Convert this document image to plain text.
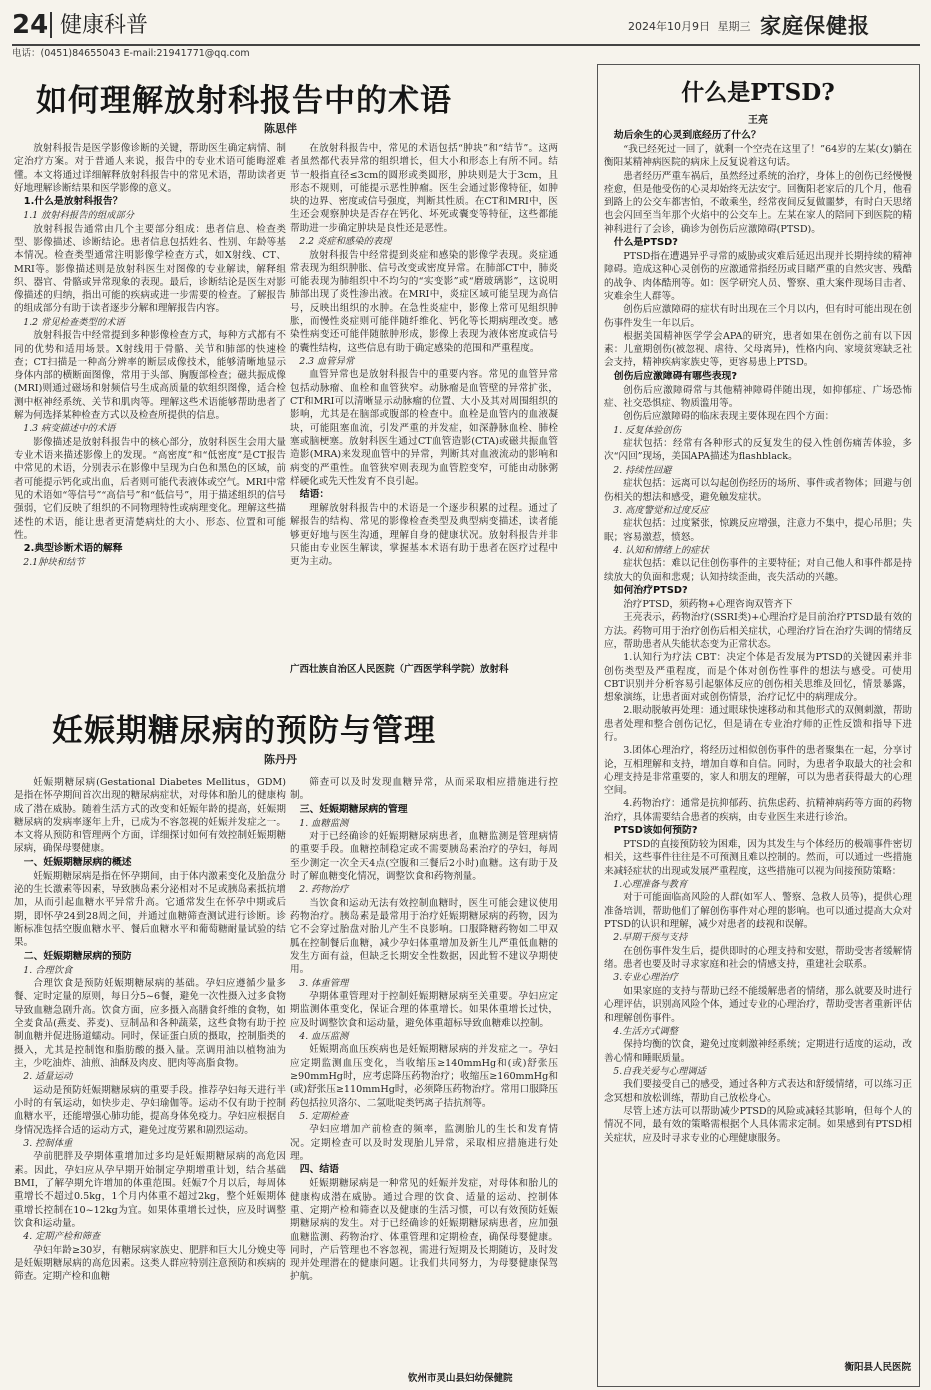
24 健康科普	2024年10月9日 星期三 家庭保健报
电话：(0451)84655043 E-mail:21941771@qq.com
如何理解放射科报告中的术语
陈思伴
放射科报告是医学影像诊断的关键，帮助医生确定病情、制定治疗方案。对于普通人来说，报告中的专业术语可能晦涩难懂。本文将通过详细解释放射科报告中的常见术语，帮助读者更好地理解诊断结果和医学影像的意义。
1.什么是放射科报告？
1.1 放射科报告的组成部分
放射科报告通常由几个主要部分组成：患者信息、检查类型、影像描述、诊断结论。患者信息包括姓名、性别、年龄等基本情况。检查类型通常注明影像学检查方式，如X射线、CT、MRI等。影像描述则是放射科医生对图像的专业解读，解释组织、器官、骨骼或异常现象的表现。最后，诊断结论是医生对影像描述的归纳，指出可能的疾病或进一步需要的检查。了解报告的组成部分有助于读者逐步分解和理解报告内容。
1.2 常见检查类型的术语
放射科报告中经常提到多种影像检查方式，每种方式都有不同的优势和适用场景。X射线用于骨骼、关节和肺部的快速检查；CT扫描是一种高分辨率的断层成像技术，能够清晰地显示身体内部的横断面图像，常用于头部、胸腹部检查；磁共振成像(MRI)则通过磁场和射频信号生成高质量的软组织图像，适合检测中枢神经系统、关节和肌肉等。理解这些术语能够帮助患者了解为何选择某种检查方式以及检查所提供的信息。
1.3 病变描述中的术语
影像描述是放射科报告中的核心部分，放射科医生会用大量专业术语来描述影像上的发现。“高密度”和“低密度”是CT报告中常见的术语，分别表示在影像中呈现为白色和黑色的区域，前者可能提示钙化或出血，后者则可能代表液体或空气。MRI中常见的术语如“等信号”“高信号”和“低信号”，用于描述组织的信号强弱，它们反映了组织的不同物理特性或病理变化。理解这些描述性的术语，能让患者更清楚病灶的大小、形态、位置和可能性。
2.典型诊断术语的解释
2.1肿块和结节
在放射科报告中，常见的术语包括“肿块”和“结节”。这两者虽然都代表异常的组织增长，但大小和形态上有所不同。结节一般指直径≤3cm的圆形或类圆形，肿块则是大于3cm，且形态不规则，可能提示恶性肿瘤。医生会通过影像特征，如肿块的边界、密度或信号强度，判断其性质。在CT和MRI中，医生还会观察肿块是否存在钙化、坏死或囊变等特征，这些都能帮助进一步确定肿块是良性还是恶性。
2.2 炎症和感染的表现
放射科报告中经常提到炎症和感染的影像学表现。炎症通常表现为组织肿胀、信号改变或密度异常。在肺部CT中，肺炎可能表现为肺组织中不均匀的“实变影”或“磨玻璃影”，这说明肺部出现了炎性渗出液。在MRI中，炎症区域可能呈现为高信号，反映出组织的水肿。在急性炎症中，影像上常可见组织肿胀，而慢性炎症则可能伴随纤维化、钙化等长期病理改变。感染性病变还可能伴随脓肿形成，影像上表现为液体密度或信号的囊性结构，这些信息有助于确定感染的范围和严重程度。
2.3 血管异常
血管异常也是放射科报告中的重要内容。常见的血管异常包括动脉瘤、血栓和血管狭窄。动脉瘤是血管壁的异常扩张，CT和MRI可以清晰显示动脉瘤的位置、大小及其对周围组织的影响，尤其是在脑部或腹部的检查中。血栓是血管内的血液凝块，可能阻塞血流，引发严重的并发症，如深静脉血栓、肺栓塞或脑梗塞。放射科医生通过CT血管造影(CTA)或磁共振血管造影(MRA)来发现血管中的异常，判断其对血液流动的影响和病变的严重性。血管狭窄则表现为血管腔变窄，可能由动脉粥样硬化或先天性发育不良引起。
结语：
理解放射科报告中的术语是一个逐步积累的过程。通过了解报告的结构、常见的影像检查类型及典型病变描述，读者能够更好地与医生沟通，理解自身的健康状况。放射科报告并非只能由专业医生解读，掌握基本术语有助于患者在医疗过程中更为主动。
广西壮族自治区人民医院（广西医学科学院）放射科
妊娠期糖尿病的预防与管理
陈丹丹
妊娠期糖尿病(Gestational Diabetes Mellitus，GDM)是指在怀孕期间首次出现的糖尿病症状，对母体和胎儿的健康构成了潜在威胁。随着生活方式的改变和妊娠年龄的提高，妊娠期糖尿病的发病率逐年上升，已成为不容忽视的妊娠并发症之一。本文将从预防和管理两个方面，详细探讨如何有效控制妊娠期糖尿病，确保母婴健康。
一、妊娠期糖尿病的概述
妊娠期糖尿病是指在怀孕期间，由于体内激素变化及胎盘分泌的生长激素等因素，导致胰岛素分泌相对不足或胰岛素抵抗增加，从而引起血糖水平异常升高。它通常发生在怀孕中期或后期，即怀孕24到28周之间，并通过血糖筛查测试进行诊断。诊断标准包括空腹血糖水平、餐后血糖水平和葡萄糖耐量试验的结果。
二、妊娠期糖尿病的预防
1. 合理饮食
合理饮食是预防妊娠期糖尿病的基础。孕妇应遵循少量多餐、定时定量的原则，每日分5~6餐，避免一次性摄入过多食物导致血糖急剧升高。饮食方面，应多摄入高膳食纤维的食物，如全麦食品(燕麦、荞麦)、豆制品和各种蔬菜，这些食物有助于控制血糖并促进肠道蠕动。同时，保证蛋白质的摄取，控制脂类的摄入，尤其是控制饱和脂肪酸的摄入量。烹调用油以植物油为主，少吃油炸、油煎、油酥及肉皮、肥肉等高脂食物。
2. 适量运动
运动是预防妊娠期糖尿病的重要手段。推荐孕妇每天进行半小时的有氧运动，如快步走、孕妇瑜伽等。运动不仅有助于控制血糖水平，还能增强心肺功能，提高身体免疫力。孕妇应根据自身情况选择合适的运动方式，避免过度劳累和剧烈运动。
3. 控制体重
孕前肥胖及孕期体重增加过多均是妊娠期糖尿病的高危因素。因此，孕妇应从孕早期开始制定孕期增重计划，结合基础BMI，了解孕期允许增加的体重范围。妊娠7个月以后，每周体重增长不超过0.5kg，1个月内体重不超过2kg，整个妊娠期体重增长控制在10~12kg为宜。如果体重增长过快，应及时调整饮食和运动量。
4. 定期产检和筛查
孕妇年龄≥30岁，有糖尿病家族史、肥胖和巨大儿分娩史等是妊娠期糖尿病的高危因素。这类人群应特别注意预防和疾病的筛查。定期产检和血糖
筛查可以及时发现血糖异常，从而采取相应措施进行控制。
三、妊娠期糖尿病的管理
1. 血糖监测
对于已经确诊的妊娠期糖尿病患者，血糖监测是管理病情的重要手段。血糖控制稳定或不需要胰岛素治疗的孕妇，每周至少测定一次全天4点(空腹和三餐后2小时)血糖。这有助于及时了解血糖变化情况，调整饮食和药物剂量。
2. 药物治疗
当饮食和运动无法有效控制血糖时，医生可能会建议使用药物治疗。胰岛素是最常用于治疗妊娠期糖尿病的药物，因为它不会穿过胎盘对胎儿产生不良影响。口服降糖药物如二甲双胍在控制餐后血糖，减少孕妇体重增加及新生儿严重低血糖的发生方面有益，但缺乏长期安全性数据，因此暂不建议孕期使用。
3. 体重管理
孕期体重管理对于控制妊娠期糖尿病至关重要。孕妇应定期监测体重变化，保证合理的体重增长。如果体重增长过快，应及时调整饮食和运动量，避免体重超标导致血糖难以控制。
4. 血压监测
妊娠期高血压疾病也是妊娠期糖尿病的并发症之一。孕妇应定期监测血压变化，当收缩压≥140mmHg和(或)舒张压≥90mmHg时，应考虑降压药物治疗；收缩压≥160mmHg和(或)舒张压≥110mmHg时，必须降压药物治疗。常用口服降压药包括拉贝洛尔、二氢吡啶类钙离子拮抗剂等。
5. 定期检查
孕妇应增加产前检查的频率，监测胎儿的生长和发育情况。定期检查可以及时发现胎儿异常，采取相应措施进行处理。
四、结语
妊娠期糖尿病是一种常见的妊娠并发症，对母体和胎儿的健康构成潜在威胁。通过合理的饮食、适量的运动、控制体重、定期产检和筛查以及健康的生活习惯，可以有效预防妊娠期糖尿病的发生。对于已经确诊的妊娠期糖尿病患者，应加强血糖监测、药物治疗、体重管理和定期检查，确保母婴健康。同时，产后管理也不容忽视，需进行短期及长期随访，及时发现并处理潜在的健康问题。让我们共同努力，为母婴健康保驾护航。
钦州市灵山县妇幼保健院
什么是PTSD?
王亮
劫后余生的心灵到底经历了什么？
“我已经死过一回了，就剩一个空壳在这里了！”64岁的左某(女)躺在衡阳某精神病医院的病床上反复说着这句话。
患者经历严重车祸后，虽然经过系统的治疗，身体上的创伤已经慢慢痊愈，但是他受伤的心灵却始终无法安宁。回衡阳老家后的几个月，他看到路上的公交车都害怕，不敢乘坐，经常夜间反复做噩梦，有时白天思绪也会闪回至当年那个火焰中的公交车上。左某在家人的陪同下到医院的精神科进行了会诊，确诊为创伤后应激障碍(PTSD)。
什么是PTSD?
PTSD指在遭遇异乎寻常的威胁或灾难后延迟出现并长期持续的精神障碍。造成这种心灵创伤的应激通常指经历或目睹严重的自然灾害、残酷的战争、肉体酷刑等。如：医学研究人员、警察、重大案件现场目击者、灾难余生人群等。
创伤后应激障碍的症状有时出现在三个月以内，但有时可能出现在创伤事件发生一年以后。
根据美国精神医学学会APA的研究，患者如果在创伤之前有以下因素：儿童期创伤(被忽视、虐待、父母离异)，性格内向、家境贫寒缺乏社会支持，精神疾病家族史等，更容易患上PTSD。
创伤后应激障碍有哪些表现?
创伤后应激障碍常与其他精神障碍伴随出现，如抑郁症、广场恐怖症、社交恐惧症、物质滥用等。
创伤后应激障碍的临床表现主要体现在四个方面：
1. 反复体验创伤
症状包括：经常有各种形式的反复发生的侵入性创伤痛苦体验，多次“闪回”现场，美国APA描述为flashblack。
2. 持续性回避
症状包括：远离可以勾起创伤经历的场所、事件或者物体；回避与创伤相关的想法和感受，避免触发症状。
3. 高度警觉和过度反应
症状包括：过度紧张，惊跳反应增强，注意力不集中，提心吊胆；失眠；容易激惹，愤怒。
4. 认知和情绪上的症状
症状包括：难以记住创伤事件的主要特征；对自己他人和事件都是持续放大的负面和悲观；认知持续歪曲，丧失活动的兴趣。
如何治疗PTSD?
治疗PTSD，须药物+心理咨询双管齐下
王亮表示，药物治疗(SSRI类)+心理治疗是目前治疗PTSD最有效的方法。药物可用于治疗创伤后相关症状，心理治疗旨在治疗失调的情绪反应，帮助患者从失能状态变为正常状态。
1.认知行为疗法 CBT：决定个体是否发展为PTSD的关键因素并非创伤类型及严重程度，而是个体对创伤性事件的想法与感受。可使用 CBT识别并分析容易引起躯体反应的创伤相关思维及回忆，情景暴露，想象演练，让患者面对或创伤情景，治疗记忆中的病理成分。
2.眼动脱敏再处理：通过眼球快速移动和其他形式的双侧刺激，帮助患者处理和整合创伤记忆，但是请在专业治疗师的正性反馈和指导下进行。
3.团体心理治疗，将经历过相似创伤事件的患者聚集在一起，分享讨论，互相理解和支持，增加自尊和自信。同时，为患者争取最大的社会和心理支持是非常重要的，家人和朋友的理解，可以为患者获得最大的心理空间。
4.药物治疗：通常是抗抑郁药、抗焦虑药、抗精神病药等方面的药物治疗，具体需要结合患者的疾病，由专业医生来进行诊治。
PTSD该如何预防?
PTSD的直接预防较为困难，因为其发生与个体经历的极端事件密切相关，这些事件往往是不可预测且难以控制的。然而，可以通过一些措施来减轻症状的出现或发展严重程度，这些措施可以视为间接预防策略：
1.心理准备与教育
对于可能面临高风险的人群(如军人、警察、急救人员等)，提供心理准备培训，帮助他们了解创伤事件对心理的影响。也可以通过提高大众对PTSD的认识和理解，减少对患者的歧视和误解。
2.早期干预与支持
在创伤事件发生后，提供即时的心理支持和安慰，帮助受害者缓解情绪。患者也要及时寻求家庭和社会的情感支持，重建社会联系。
3.专业心理治疗
如果家庭的支持与帮助已经不能缓解患者的情绪，那么就要及时进行心理评估，识别高风险个体，通过专业的心理治疗，帮助受害者重新评估和理解创伤事件。
4.生活方式调整
保持均衡的饮食，避免过度刺激神经系统；定期进行适度的运动，改善心情和睡眠质量。
5.自我关爱与心理调适
我们要接受自己的感受，通过各种方式表达和舒缓情绪，可以练习正念冥想和放松训练，帮助自己放松身心。
尽管上述方法可以帮助减少PTSD的风险或减轻其影响，但每个人的情况不同，最有效的策略需根据个人具体需求定制。如果感到有PTSD相关症状，应及时寻求专业的心理健康服务。
衡阳县人民医院
